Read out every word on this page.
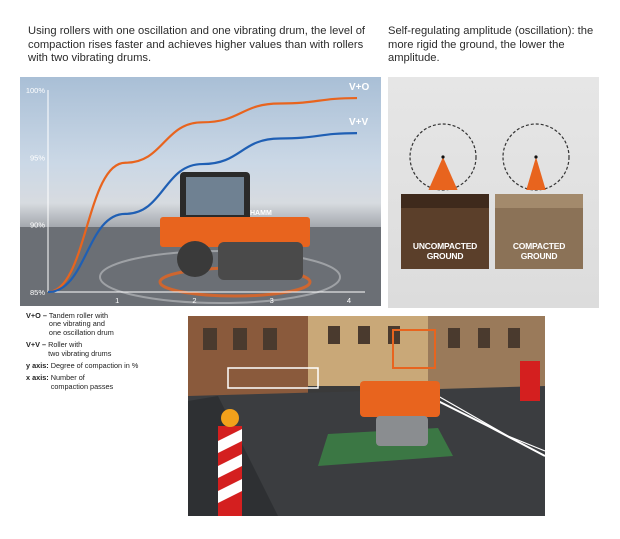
Using rollers with one oscillation and one vibrating drum, the level of compaction rises faster and achieves higher values than with rollers with two vibrating drums.
Self-regulating amplitude (oscillation): the more rigid the ground, the lower the amplitude.
HAMM
100%
95%
90%
85%
1	2	3	4
V+O
V+V
UNCOMPACTED
GROUND
COMPACTED
GROUND
V+O – Tandem roller with
one vibrating and
one oscillation drum
V+V – Roller with
two vibrating drums
y axis: Degree of compaction in %
x axis: Number of
compaction passes
